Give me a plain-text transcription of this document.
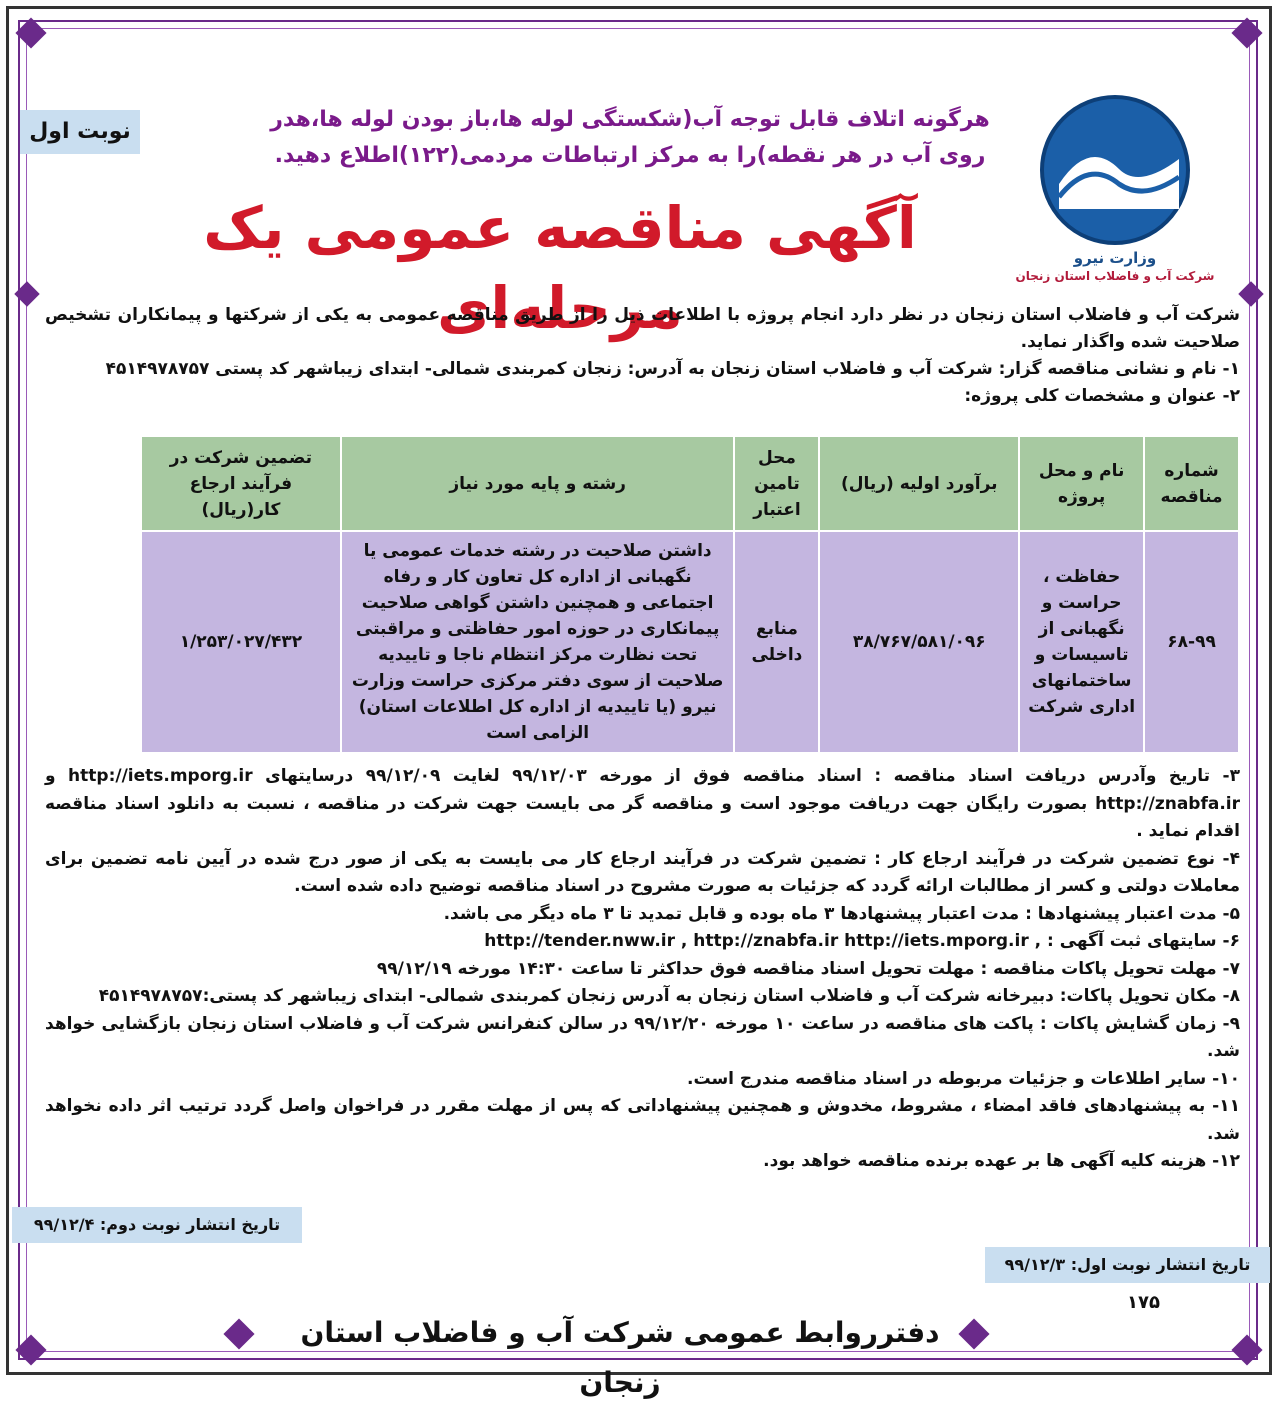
وزارت نیرو
شرکت آب و فاضلاب استان زنجان
هرگونه اتلاف قابل توجه آب(شکستگی لوله ها،باز بودن لوله ها،هدر روی آب در هر نقطه)را به مرکز ارتباطات مردمی(۱۲۲)اطلاع دهید.
نوبت اول
آگهی مناقصه عمومی یک مرحله‌ای

شرکت آب و فاضلاب استان زنجان در نظر دارد انجام پروژه با اطلاعات ذیل را از طریق مناقصه عمومی به یکی از شرکتها و پیمانکاران تشخیص صلاحیت شده واگذار نماید.

۱- نام و نشانی مناقصه گزار: شرکت آب و فاضلاب استان زنجان به آدرس: زنجان کمربندی شمالی- ابتدای زیباشهر کد پستی ۴۵۱۴۹۷۸۷۵۷

۲- عنوان و مشخصات کلی پروژه:

شماره مناقصه	نام و محل پروژه	برآورد اولیه (ریال)	محل تامین اعتبار	رشته و پایه مورد نیاز	تضمین شرکت در فرآیند ارجاع کار(ریال)
۶۸-۹۹	حفاظت ، حراست و نگهبانی از تاسیسات و ساختمانهای اداری شرکت	۳۸/۷۶۷/۵۸۱/۰۹۶	منابع داخلی	داشتن صلاحیت در رشته خدمات عمومی یا نگهبانی از اداره کل تعاون کار و رفاه اجتماعی و همچنین داشتن گواهی صلاحیت پیمانکاری در حوزه امور حفاظتی و مراقبتی تحت نظارت مرکز انتظام ناجا و تاییدیه صلاحیت از سوی دفتر مرکزی حراست وزارت نیرو (یا تاییدیه از اداره کل اطلاعات استان) الزامی است	۱/۲۵۳/۰۲۷/۴۳۲

۳- تاریخ وآدرس دریافت اسناد مناقصه : اسناد مناقصه فوق از مورخه ۹۹/۱۲/۰۳ لغایت ۹۹/۱۲/۰۹ درسایتهای http://iets.mporg.ir و http://znabfa.ir بصورت رایگان جهت دریافت موجود است و مناقصه گر می بایست جهت شرکت در مناقصه ، نسبت به دانلود اسناد مناقصه اقدام نماید .

۴- نوع تضمین شرکت در فرآیند ارجاع کار : تضمین شرکت در فرآیند ارجاع کار می بایست به یکی از صور درج شده در آیین نامه تضمین برای معاملات دولتی و کسر از مطالبات ارائه گردد که جزئیات به صورت مشروح در اسناد مناقصه توضیح داده شده است.

۵- مدت اعتبار پیشنهادها : مدت اعتبار پیشنهادها ۳ ماه بوده و قابل تمدید تا ۳ ماه دیگر می باشد.

۶- سایتهای ثبت آگهی : http://tender.nww.ir , http://znabfa.ir http://iets.mporg.ir ,

۷- مهلت تحویل پاکات مناقصه : مهلت تحویل اسناد مناقصه فوق حداکثر تا ساعت ۱۴:۳۰ مورخه ۹۹/۱۲/۱۹

۸- مکان تحویل پاکات: دبیرخانه شرکت آب و فاضلاب استان زنجان به آدرس زنجان کمربندی شمالی- ابتدای زیباشهر کد پستی:۴۵۱۴۹۷۸۷۵۷

۹- زمان گشایش پاکات : پاکت های مناقصه در ساعت ۱۰ مورخه ۹۹/۱۲/۲۰ در سالن کنفرانس شرکت آب و فاضلاب استان زنجان بازگشایی خواهد شد.

۱۰- سایر اطلاعات و جزئیات مربوطه در اسناد مناقصه مندرج است.

۱۱- به پیشنهادهای فاقد امضاء ، مشروط، مخدوش و همچنین پیشنهاداتی که پس از مهلت مقرر در فراخوان واصل گردد ترتیب اثر داده نخواهد شد.

۱۲- هزینه کلیه آگهی ها بر عهده برنده مناقصه خواهد بود.

تاریخ انتشار نوبت اول: ۹۹/۱۲/۳
تاریخ انتشار نوبت دوم: ۹۹/۱۲/۴
۱۷۵
دفترروابط عمومی شرکت آب و فاضلاب استان زنجان
